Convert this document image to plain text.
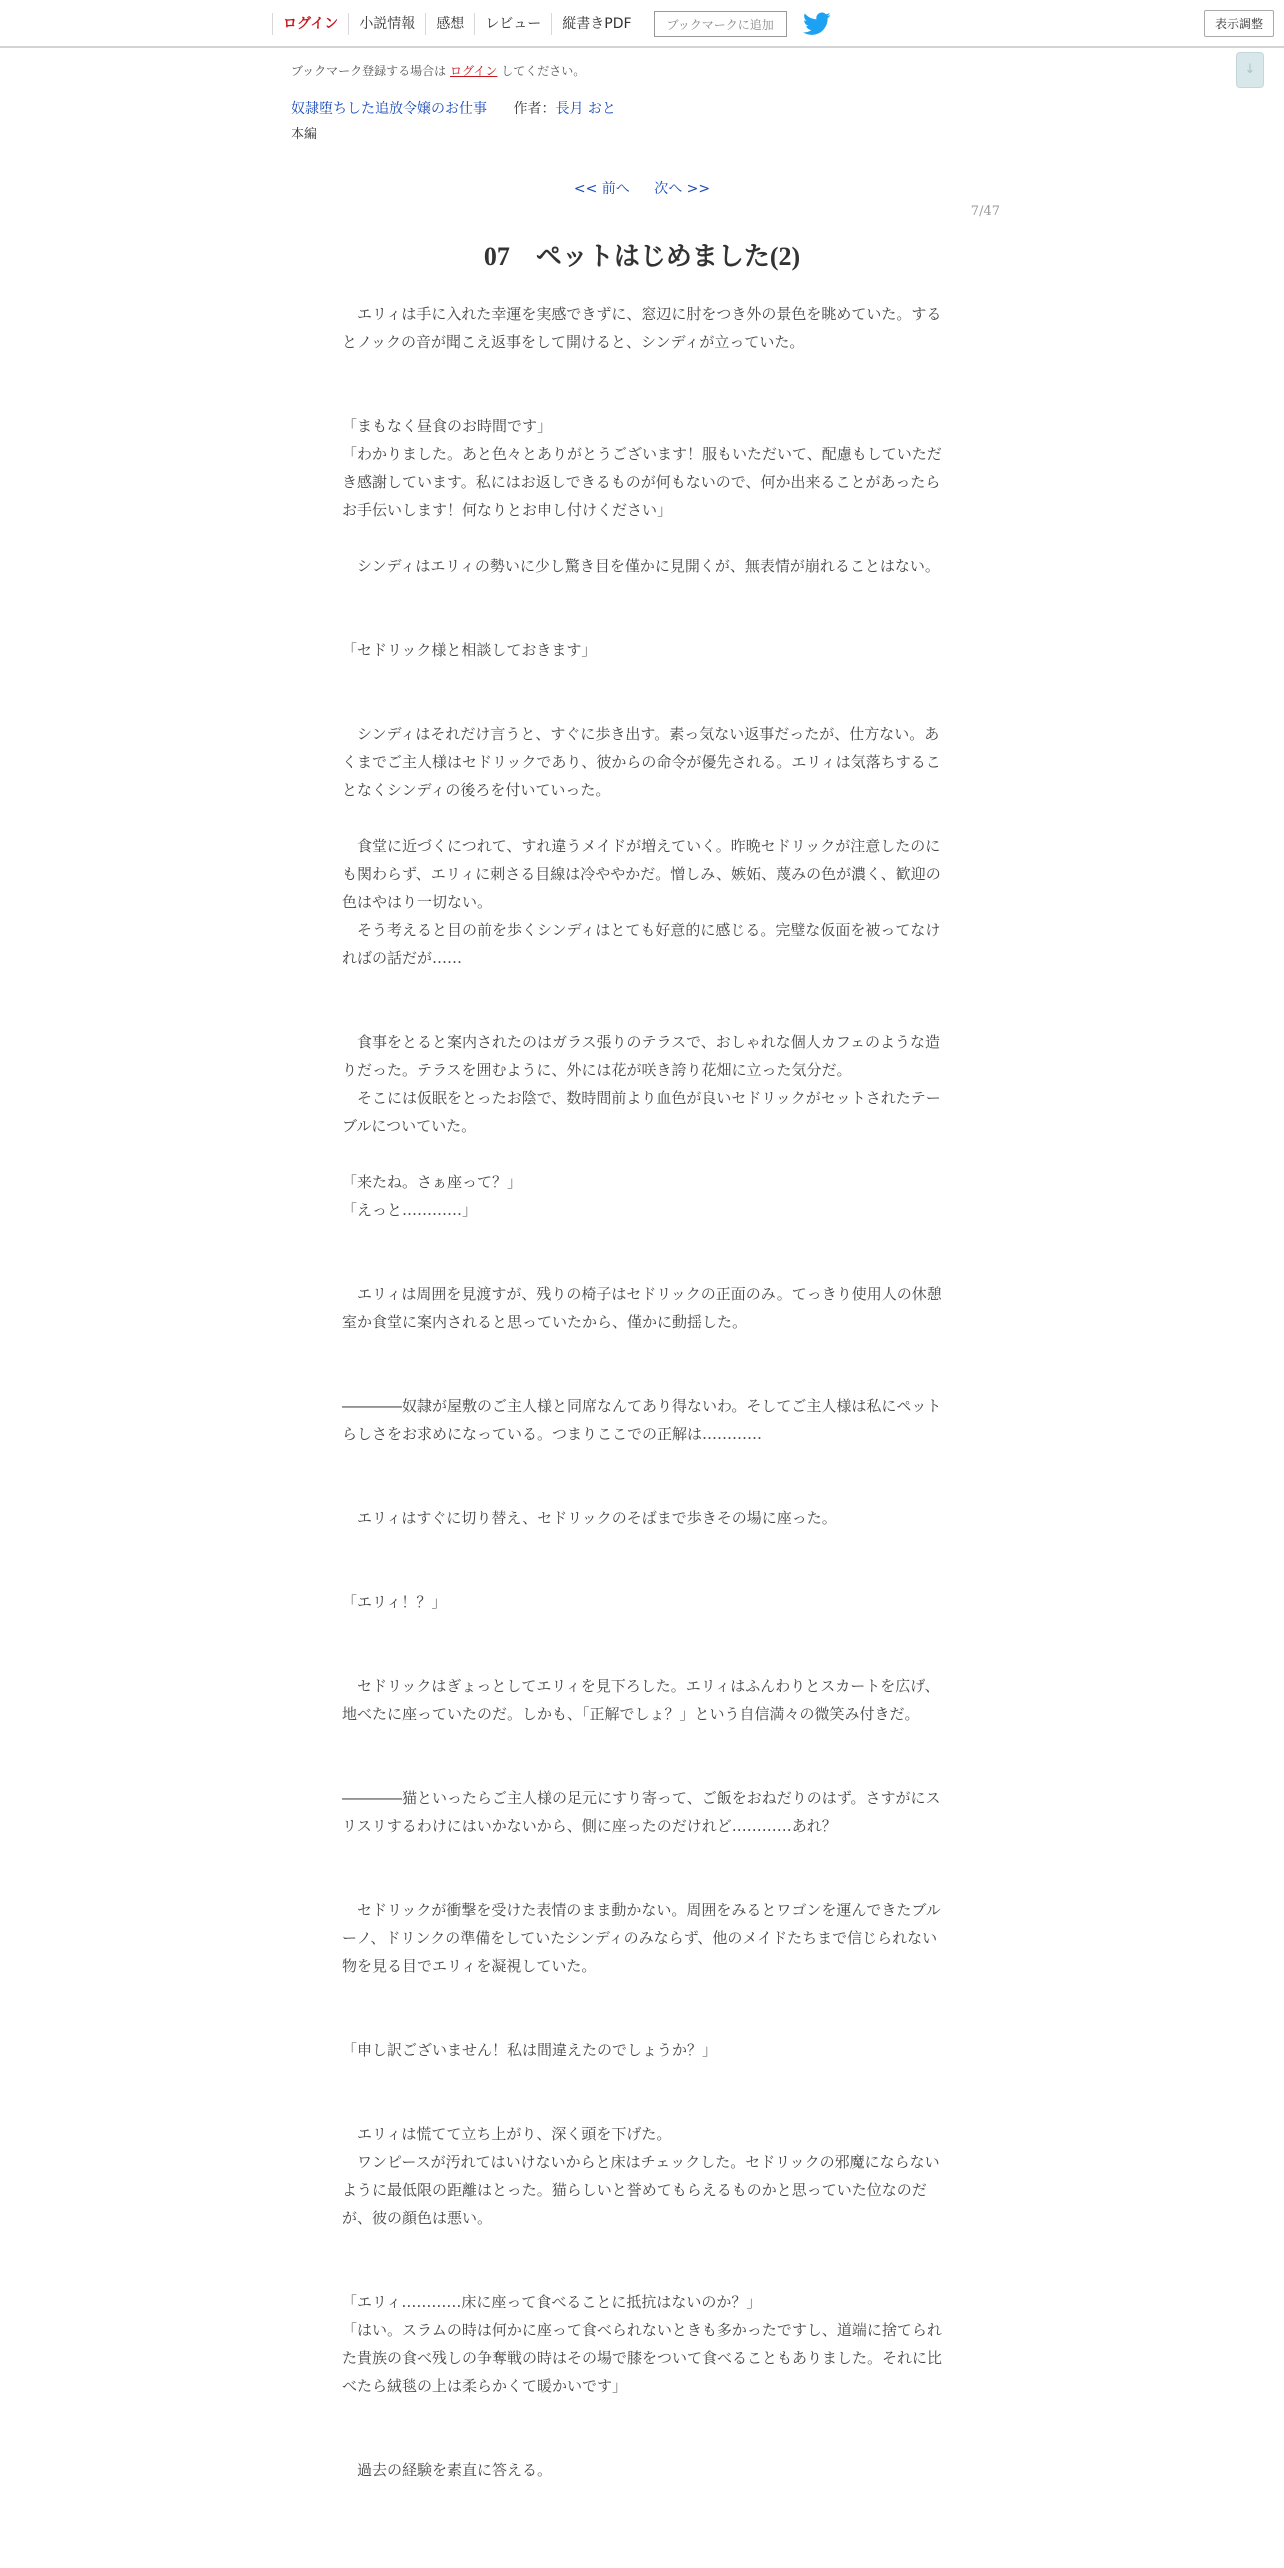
ログイン	小説情報	感想	レビュー	縦書きPDF	ブックマークに追加	表示調整
↓
ブックマーク登録する場合は ログイン してください。
奴隷堕ちした追放令嬢のお仕事 作者：長月 おと
本編
<< 前へ 次へ >>
7/47
07　ペットはじめました(2)

　エリィは手に入れた幸運を実感できずに、窓辺に肘をつき外の景色を眺めていた。するとノックの音が聞こえ返事をして開けると、シンディが立っていた。

「まもなく昼食のお時間です」

「わかりました。あと色々とありがとうございます！服もいただいて、配慮もしていただき感謝しています。私にはお返しできるものが何もないので、何か出来ることがあったらお手伝いします！何なりとお申し付けください」

　シンディはエリィの勢いに少し驚き目を僅かに見開くが、無表情が崩れることはない。

「セドリック様と相談しておきます」

　シンディはそれだけ言うと、すぐに歩き出す。素っ気ない返事だったが、仕方ない。あくまでご主人様はセドリックであり、彼からの命令が優先される。エリィは気落ちすることなくシンディの後ろを付いていった。

　食堂に近づくにつれて、すれ違うメイドが増えていく。昨晩セドリックが注意したのにも関わらず、エリィに刺さる目線は冷ややかだ。憎しみ、嫉妬、蔑みの色が濃く、歓迎の色はやはり一切ない。

　そう考えると目の前を歩くシンディはとても好意的に感じる。完璧な仮面を被ってなければの話だが……

　食事をとると案内されたのはガラス張りのテラスで、おしゃれな個人カフェのような造りだった。テラスを囲むように、外には花が咲き誇り花畑に立った気分だ。

　そこには仮眠をとったお陰で、数時間前より血色が良いセドリックがセットされたテーブルについていた。

「来たね。さぁ座って？」

「えっと…………」

　エリィは周囲を見渡すが、残りの椅子はセドリックの正面のみ。てっきり使用人の休憩室か食堂に案内されると思っていたから、僅かに動揺した。

――――奴隷が屋敷のご主人様と同席なんてあり得ないわ。そしてご主人様は私にペットらしさをお求めになっている。つまりここでの正解は…………

　エリィはすぐに切り替え、セドリックのそばまで歩きその場に座った。

「エリィ！？」

　セドリックはぎょっとしてエリィを見下ろした。エリィはふんわりとスカートを広げ、地べたに座っていたのだ。しかも、「正解でしょ？」という自信満々の微笑み付きだ。

――――猫といったらご主人様の足元にすり寄って、ご飯をおねだりのはず。さすがにスリスリするわけにはいかないから、側に座ったのだけれど…………あれ？

　セドリックが衝撃を受けた表情のまま動かない。周囲をみるとワゴンを運んできたブルーノ、ドリンクの準備をしていたシンディのみならず、他のメイドたちまで信じられない物を見る目でエリィを凝視していた。

「申し訳ございません！私は間違えたのでしょうか？」

　エリィは慌てて立ち上がり、深く頭を下げた。

　ワンピースが汚れてはいけないからと床はチェックした。セドリックの邪魔にならないように最低限の距離はとった。猫らしいと誉めてもらえるものかと思っていた位なのだが、彼の顔色は悪い。

「エリィ…………床に座って食べることに抵抗はないのか？」

「はい。スラムの時は何かに座って食べられないときも多かったですし、道端に捨てられた貴族の食べ残しの争奪戦の時はその場で膝をついて食べることもありました。それに比べたら絨毯の上は柔らかくて暖かいです」

　過去の経験を素直に答える。
